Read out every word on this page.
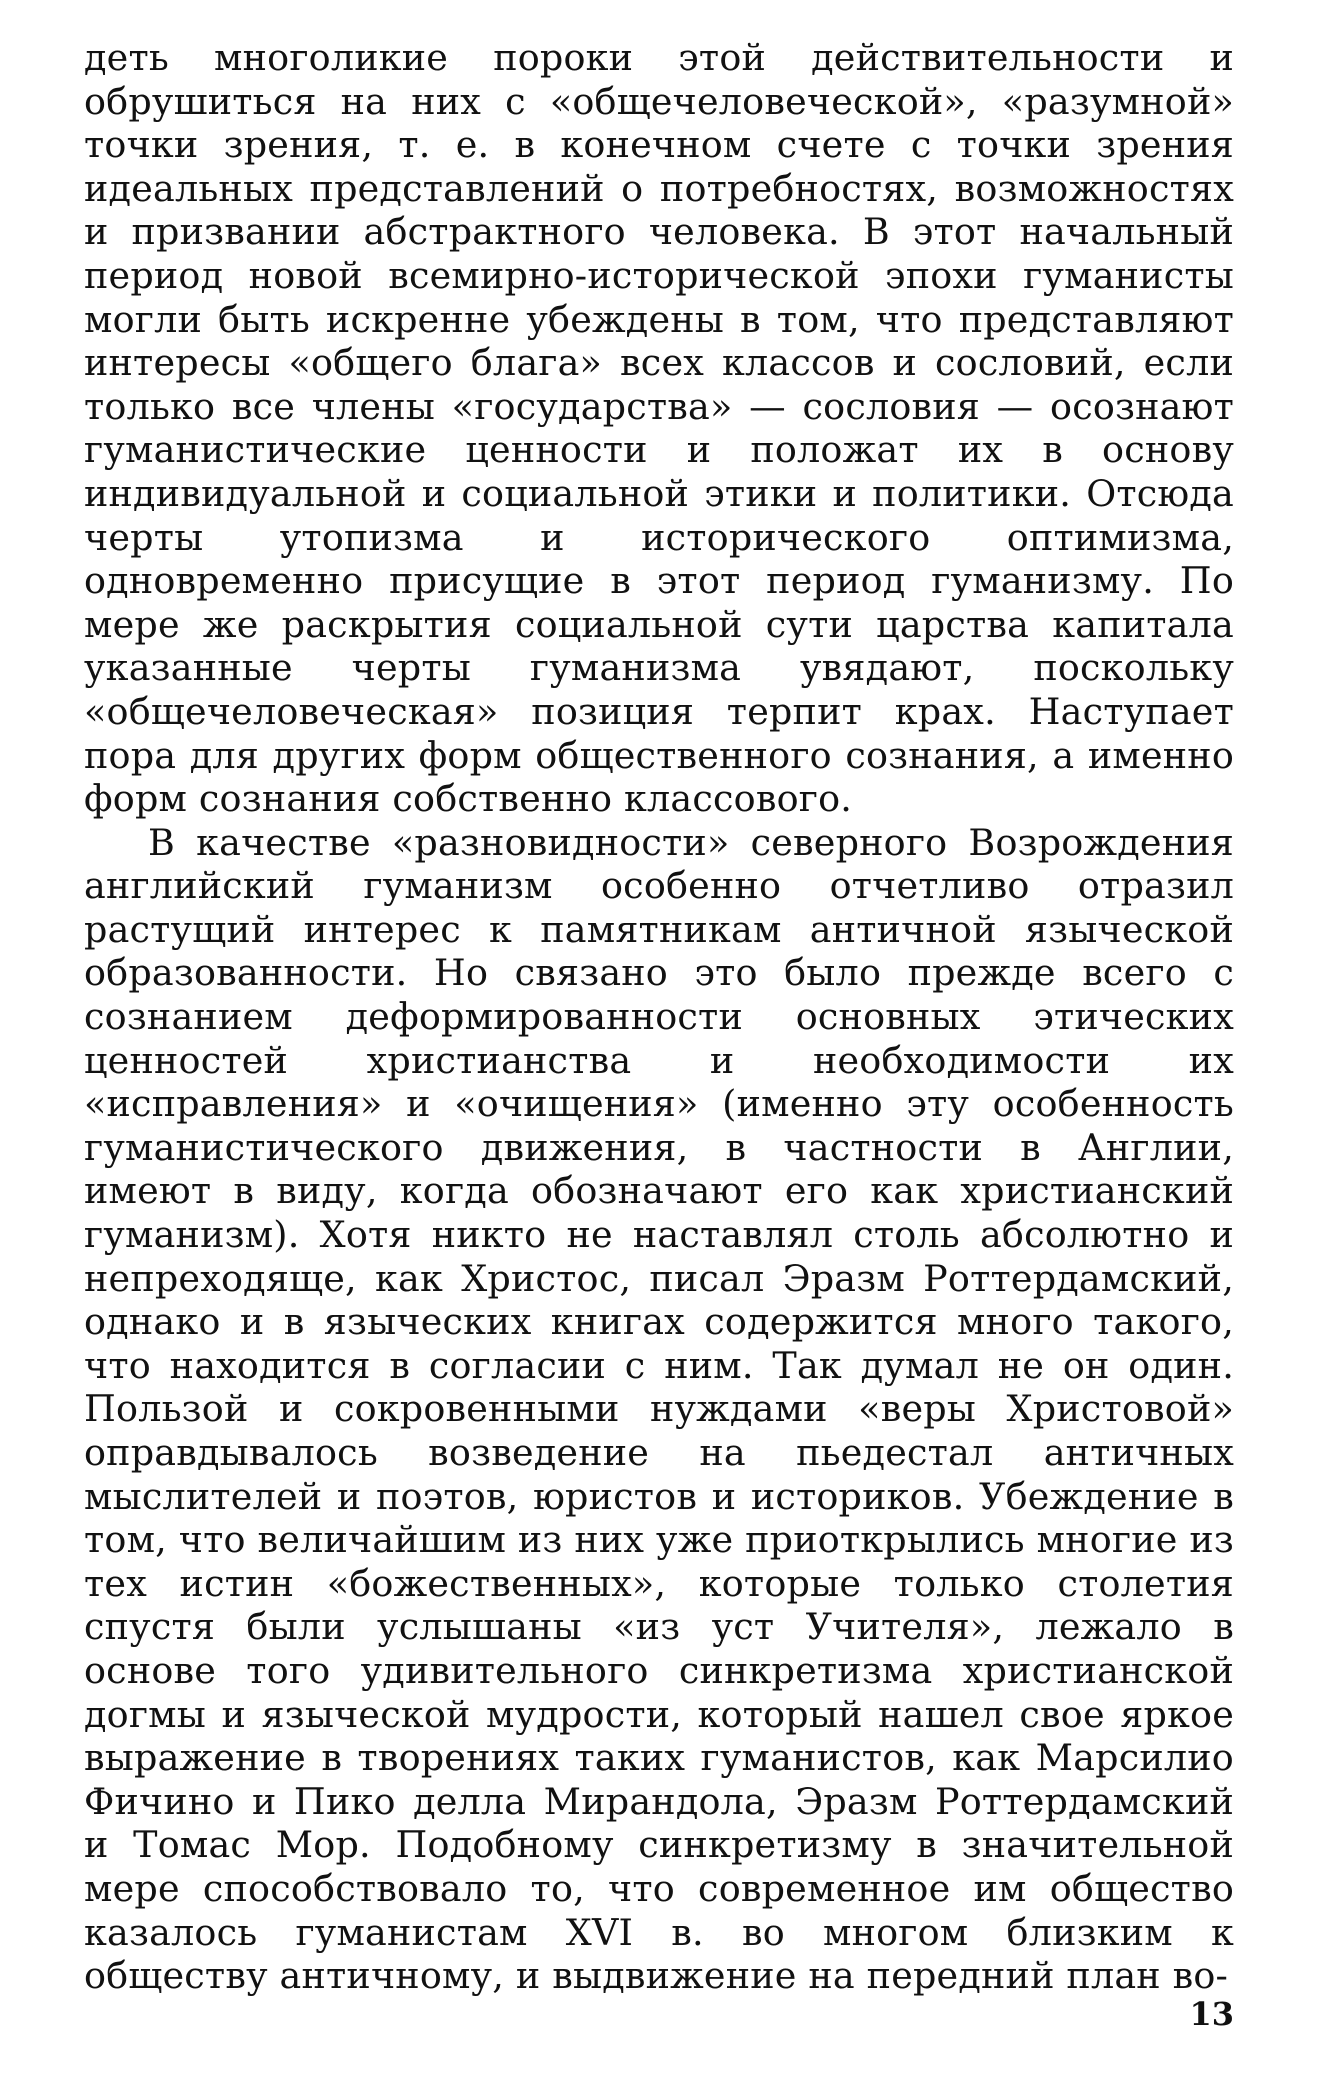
деть многоликие пороки этой действительности и обрушиться на них с «общечеловеческой», «разумной» точки зрения, т. е. в конечном счете с точки зрения идеальных представлений о потребностях, возможностях и призвании абстрактного человека. В этот начальный период новой всемирно-исторической эпохи гуманисты могли быть искренне убеждены в том, что представляют интересы «общего блага» всех классов и сословий, если только все члены «государства» — сословия — осознают гуманистические ценности и положат их в основу индивидуальной и социальной этики и политики. Отсюда черты утопизма и исторического оптимизма, одновременно присущие в этот период гуманизму. По мере же раскрытия социальной сути царства капитала указанные черты гуманизма увядают, поскольку «общечеловеческая» позиция терпит крах. Наступает пора для других форм общественного сознания, а именно форм сознания собственно классового.

В качестве «разновидности» северного Возрождения английский гуманизм особенно отчетливо отразил растущий интерес к памятникам античной языческой образованности. Но связано это было прежде всего с сознанием деформированности основных этических ценностей христианства и необходимости их «исправления» и «очищения» (именно эту особенность гуманистического движения, в частности в Англии, имеют в виду, когда обозначают его как христианский гуманизм). Хотя никто не наставлял столь абсолютно и непреходяще, как Христос, писал Эразм Роттердамский, однако и в языческих книгах содержится много такого, что находится в согласии с ним. Так думал не он один. Пользой и сокровенными нуждами «веры Христовой» оправдывалось возведение на пьедестал античных мыслителей и поэтов, юристов и историков. Убеждение в том, что величайшим из них уже приоткрылись многие из тех истин «божественных», которые только столетия спустя были услышаны «из уст Учителя», лежало в основе того удивительного синкретизма христианской догмы и языческой мудрости, который нашел свое яркое выражение в творениях таких гуманистов, как Марсилио Фичино и Пико делла Мирандола, Эразм Роттердамский и Томас Мор. Подобному синкретизму в значительной мере способствовало то, что современное им общество казалось гуманистам XVI в. во многом близким к обществу античному, и выдвижение на передний план во-

13
